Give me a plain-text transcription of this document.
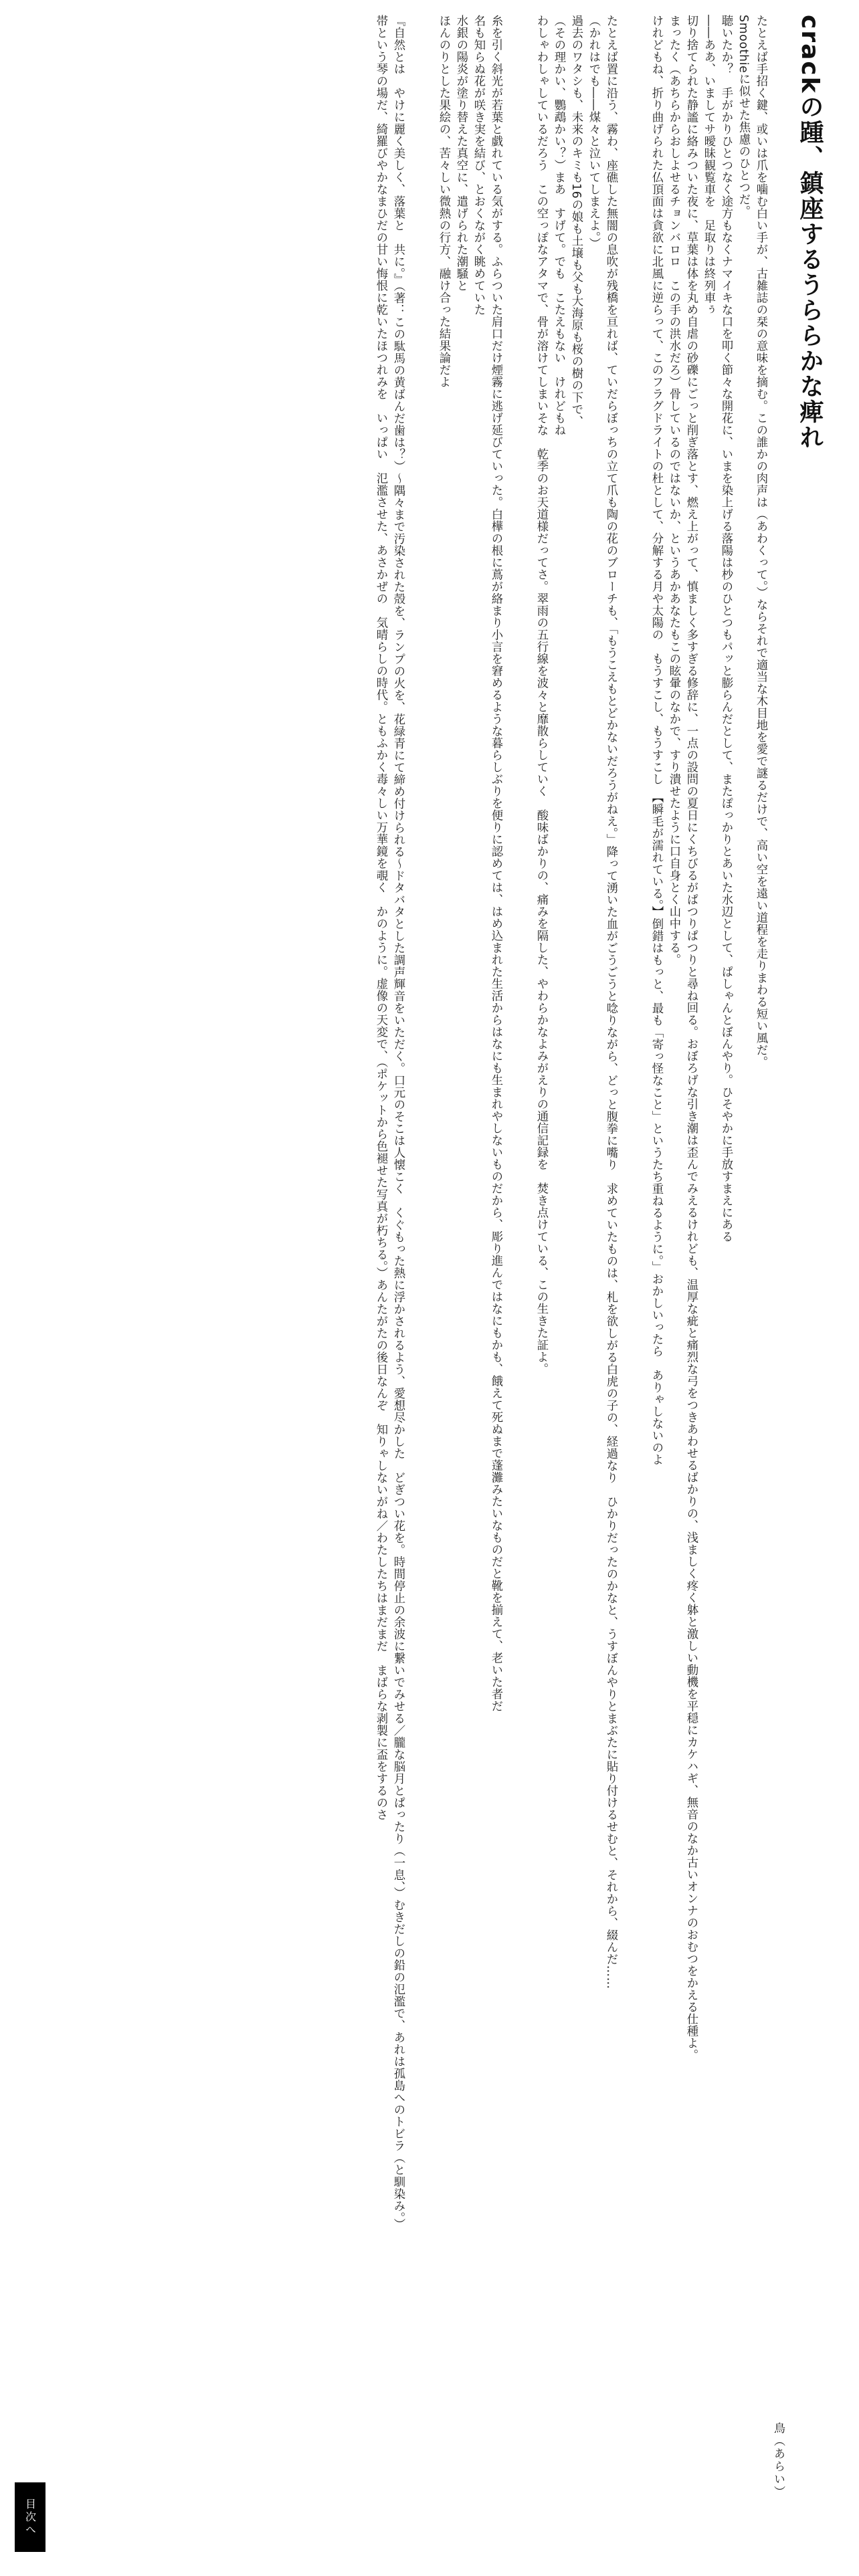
crackの踵、鎮座するうららかな痺れ

たとえば手招く鍵、或いは爪を噛む白い手が、古雑誌の栞の意味を摘む。この誰かの肉声は（あわくって。）ならそれで適当な木目地を愛で謎るだけで、高い空を遠い道程を走りまわる短い風だ。

Smoothieに似せた焦慮のひとつだ。

聴いたか？　手がかりひとつなく途方もなくナマイキな口を叩く節々な開花に、いまを染上げる落陽は杪のひとつもパッと膨らんだとして、またぽっかりとあいた水辺として、ぱしゃんとぼんやり。ひそやかに手放すまえにある

――ああ、いましてサ曖昧観覧車を　足取りは終列車ぅ

切り捨てられた静謐に絡みついた夜に、草葉は体を丸め自虐の砂礫にごっと削ぎ落とす、燃え上がって、慎ましく多すぎる修辞に、一点の設問の夏日にくちびるがぱつりぱつりと尋ね回る。おぼろげな引き潮は歪んでみえるけれども、温厚な疵と痛烈な弓をつきあわせるばかりの、浅ましく疼く躰と激しい動機を平穏にカケハギ、無音のなか古いオンナのおむつをかえる仕種よ。

まったく（あちらからおしよせるチョンバロロ　この手の洪水だろ）骨しているのではないか、というあかあなたもこの眩暈のなかで、すり潰せたように口自身とく山中する。

けれどもね、折り曲げられた仏頂面は貪欲に北風に逆らって、このフラグドライトの杜として、分解する月や太陽の　もうすこし、もうすこし　【瞬毛が濡れている。】倒錯はもっと、最も「寄っ怪なこと」というたち重ねるように。」おかしいったら　ありゃしないのよ

たとえば置に沿う、霧わ、座礁した無闇の息吹が残橋を亘れば、ていだらぼっちの立て爪も陶の花のブローチも、「もうこえもとどかないだろうがねえ。」降って湧いた血がごうごうと唸りながら、どっと腹拳に嘴り　求めていたものは、札を欲しがる白虎の子の、経過なり　ひかりだったのかなと、うすぼんやりとまぶたに貼り付けるせむと、それから、綴んだ……

（かれはでも――煤々と泣いてしまえよ。）

過去のワタシも、未来のキミも16の娘も土壌も父も大海原も桜の樹の下で、

（その理かい、鸚鵡かい？）まあ　すげて。でも　こたえもない　けれどもね

わしゃわしゃしているだろう　この空っぽなアタマで、骨が溶けてしまいそな　乾季のお天道様だってさ。翠雨の五行線を波々と靡散らしていく　酸味ばかりの、痛みを隔した、やわらかなよみがえりの通信記録を　焚き点けている、この生きた証よ。

糸を引く斜光が若葉と戯れている気がする。ふらついた肩口だけ煙霧に逃げ延びていった。白樺の根に蔦が絡まり小言を窘めるような暮らしぶりを便りに認めては、はめ込まれた生活からはなにも生まれやしないものだから、彫り進んではなにもかも、餓えて死ぬまで蓬灘みたいなものだと靴を揃えて、老いた者だ

名も知らぬ花が咲き実を結び、とおくながく眺めていた

水銀の陽炎が塗り替えた真空に、遣げられた潮騒と

ほんのりとした果絵の、苦々しい微熱の行方、融け合った結果論だよ

『自然とは　やけに麗く美しく、落葉と　共に。』（著：この駄馬の黄ばんだ歯は？）～隅々まで汚染された殻を、ランプの火を、花緑青にて締め付けられる～ドタバタとした調声輝音をいただく。口元のそこは人懐こく　くぐもった熱に浮かされるよう、愛想尽かした　どぎつい花を。時間停止の余波に繋いでみせる／朧な脳月とぱったり（一息、）むきだしの鉛の氾濫で、あれは孤島へのトビラ（と馴染み。）

帯という琴の場だ、綺羅びやかなまひだの甘い悔恨に乾いたほつれみを　いっぱい　氾濫させた、あさかぜの　気晴らしの時代。ともふかく毒々しい万華鏡を覗く　かのように。虚像の天変で、（ポケットから色褪せた写真が朽ちる。）あんたがたの後日なんぞ　知りゃしないがね／わたしたちはまだまだ　まばらな剥製に盃をするのさ

鳥（あらい）
目次へ
